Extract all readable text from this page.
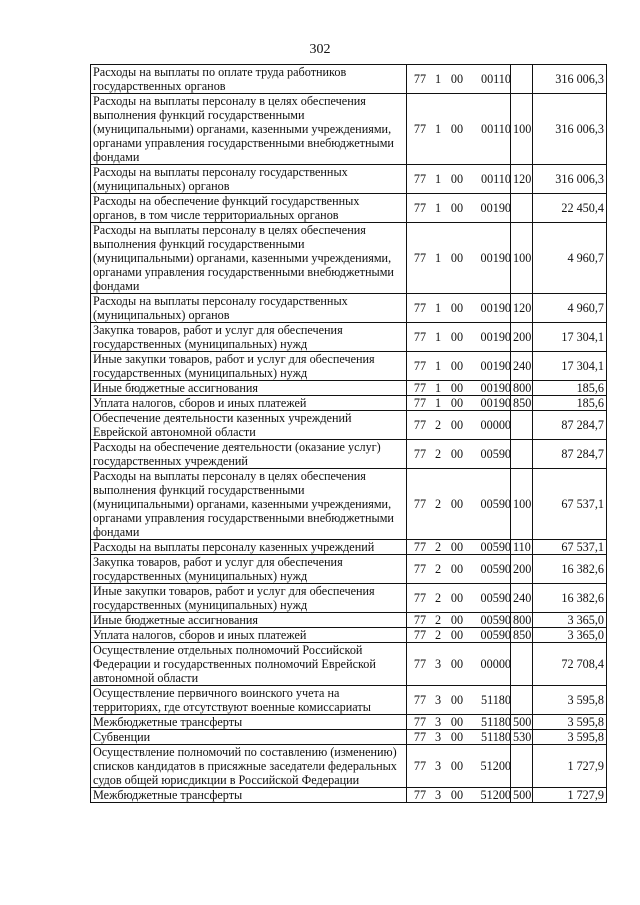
302
Расходы на выплаты по оплате труда работников государственных органов	77 1 00 00110		316 006,3
Расходы на выплаты персоналу в целях обеспечения выполнения функций государственными (муниципальными) органами, казенными учреждениями, органами управления государственными внебюджетными фондами	77 1 00 00110	100	316 006,3
Расходы на выплаты персоналу государственных (муниципальных) органов	77 1 00 00110	120	316 006,3
Расходы на обеспечение функций государственных органов, в том числе территориальных органов	77 1 00 00190		22 450,4
Расходы на выплаты персоналу в целях обеспечения выполнения функций государственными (муниципальными) органами, казенными учреждениями, органами управления государственными внебюджетными фондами	77 1 00 00190	100	4 960,7
Расходы на выплаты персоналу государственных (муниципальных) органов	77 1 00 00190	120	4 960,7
Закупка товаров, работ и услуг для обеспечения государственных (муниципальных) нужд	77 1 00 00190	200	17 304,1
Иные закупки товаров, работ и услуг для обеспечения государственных (муниципальных) нужд	77 1 00 00190	240	17 304,1
Иные бюджетные ассигнования	77 1 00 00190	800	185,6
Уплата налогов, сборов и иных платежей	77 1 00 00190	850	185,6
Обеспечение деятельности казенных учреждений Еврейской автономной области	77 2 00 00000		87 284,7
Расходы на обеспечение деятельности (оказание услуг) государственных учреждений	77 2 00 00590		87 284,7
Расходы на выплаты персоналу в целях обеспечения выполнения функций государственными (муниципальными) органами, казенными учреждениями, органами управления государственными внебюджетными фондами	77 2 00 00590	100	67 537,1
Расходы на выплаты персоналу казенных учреждений	77 2 00 00590	110	67 537,1
Закупка товаров, работ и услуг для обеспечения государственных (муниципальных) нужд	77 2 00 00590	200	16 382,6
Иные закупки товаров, работ и услуг для обеспечения государственных (муниципальных) нужд	77 2 00 00590	240	16 382,6
Иные бюджетные ассигнования	77 2 00 00590	800	3 365,0
Уплата налогов, сборов и иных платежей	77 2 00 00590	850	3 365,0
Осуществление отдельных полномочий Российской Федерации и государственных полномочий Еврейской автономной области	77 3 00 00000		72 708,4
Осуществление первичного воинского учета на территориях, где отсутствуют военные комиссариаты	77 3 00 51180		3 595,8
Межбюджетные трансферты	77 3 00 51180	500	3 595,8
Субвенции	77 3 00 51180	530	3 595,8
Осуществление полномочий по составлению (изменению) списков кандидатов в присяжные заседатели федеральных судов общей юрисдикции в Российской Федерации	77 3 00 51200		1 727,9
Межбюджетные трансферты	77 3 00 51200	500	1 727,9
